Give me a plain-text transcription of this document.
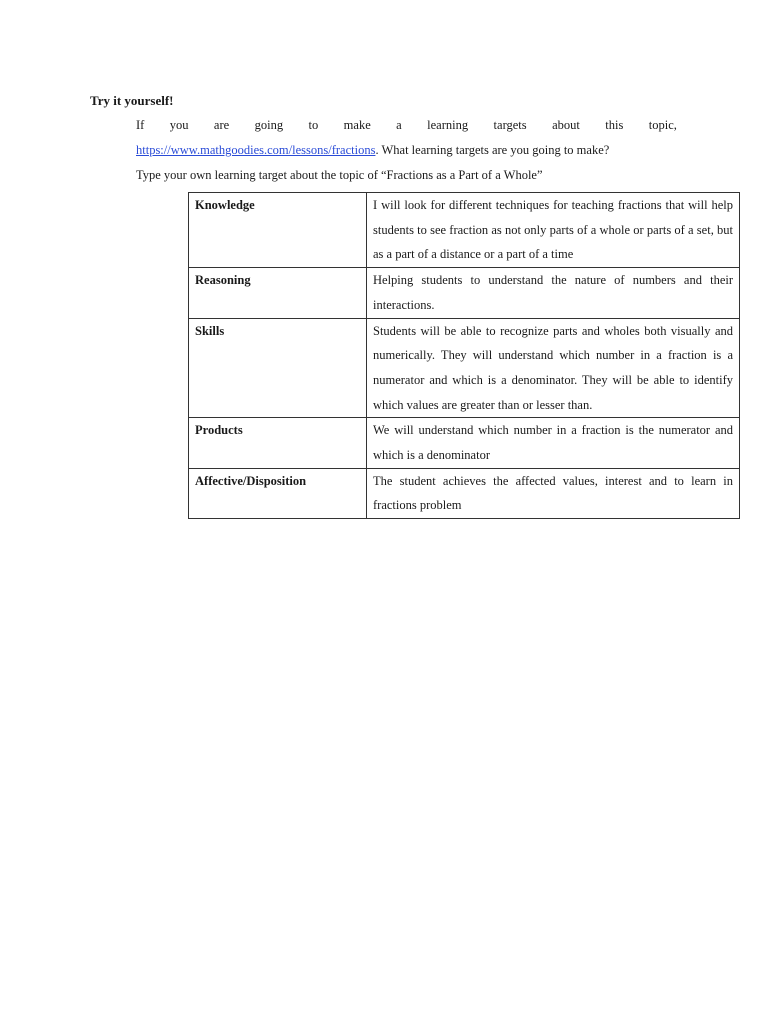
Try it yourself!
If you are going to make a learning targets about this topic,
https://www.mathgoodies.com/lessons/fractions. What learning targets are you going to make?
Type your own learning target about the topic of “Fractions as a Part of a Whole”
Knowledge	I will look for different techniques for teaching fractions that will help students to see fraction as not only parts of a whole or parts of a set, but as a part of a distance or a part of a time
Reasoning	Helping students to understand the nature of numbers and their interactions.
Skills	Students will be able to recognize parts and wholes both visually and numerically. They will understand which number in a fraction is a numerator and which is a denominator. They will be able to identify which values are greater than or lesser than.
Products	We will understand which number in a fraction is the numerator and which is a denominator
Affective/Disposition	The student achieves the affected values, interest and to learn in fractions problem
